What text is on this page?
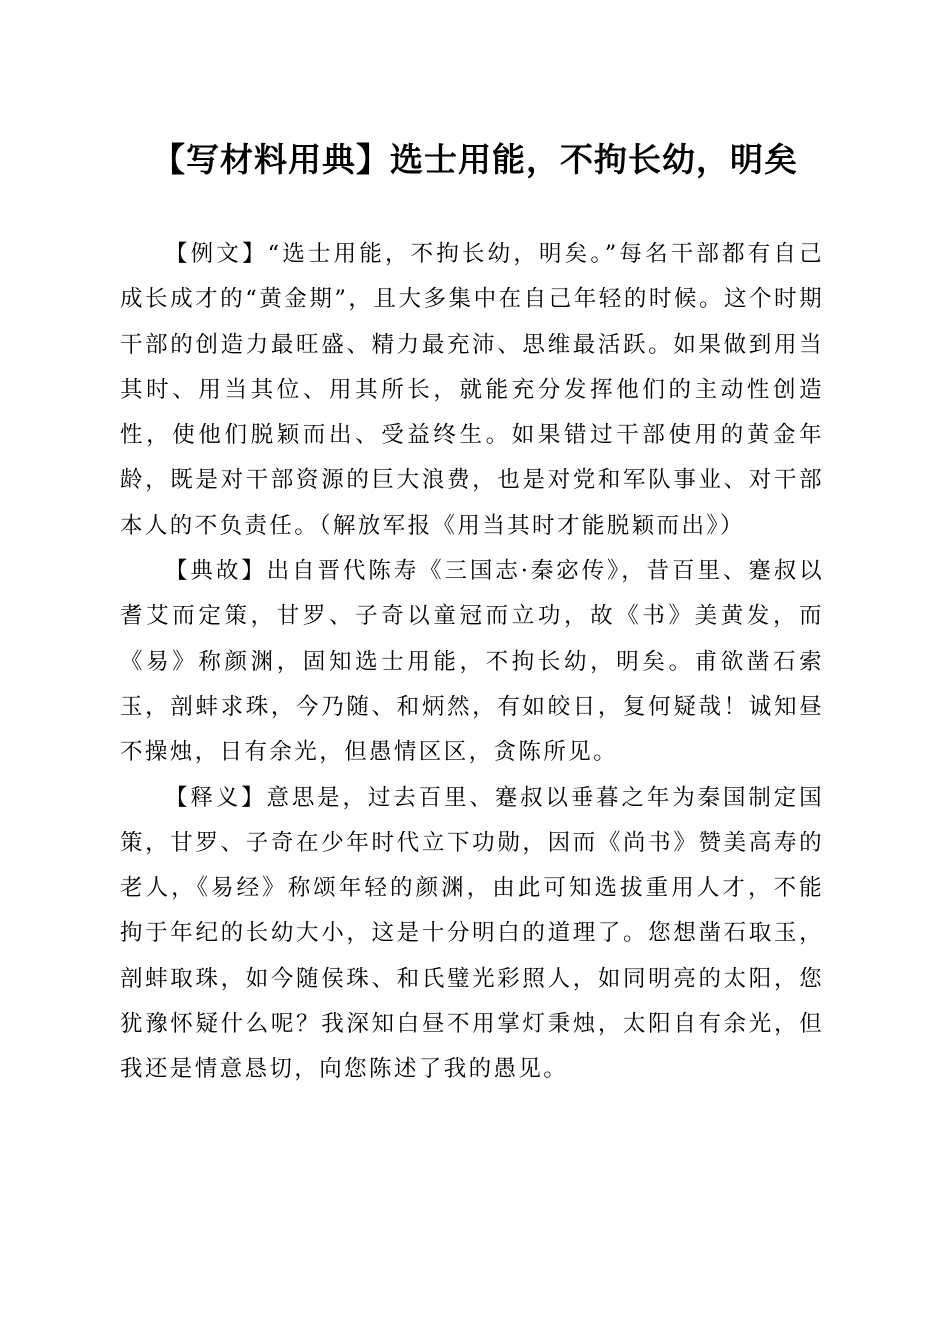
【写材料用典】选士用能，不拘长幼，明矣

【例文】“选士用能，不拘长幼，明矣。”每名干部都有自己成长成才的“黄金期”，且大多集中在自己年轻的时候。这个时期干部的创造力最旺盛、精力最充沛、思维最活跃。如果做到用当其时、用当其位、用其所长，就能充分发挥他们的主动性创造性，使他们脱颖而出、受益终生。如果错过干部使用的黄金年龄，既是对干部资源的巨大浪费，也是对党和军队事业、对干部本人的不负责任。（解放军报《用当其时才能脱颖而出》）

【典故】出自晋代陈寿《三国志·秦宓传》，昔百里、蹇叔以耆艾而定策，甘罗、子奇以童冠而立功，故《书》美黄发，而《易》称颜渊，固知选士用能，不拘长幼，明矣。甫欲凿石索玉，剖蚌求珠，今乃随、和炳然，有如皎日，复何疑哉！诚知昼不操烛，日有余光，但愚情区区，贪陈所见。

【释义】意思是，过去百里、蹇叔以垂暮之年为秦国制定国策，甘罗、子奇在少年时代立下功勋，因而《尚书》赞美高寿的老人，《易经》称颂年轻的颜渊，由此可知选拔重用人才，不能拘于年纪的长幼大小，这是十分明白的道理了。您想凿石取玉，剖蚌取珠，如今随侯珠、和氏璧光彩照人，如同明亮的太阳，您犹豫怀疑什么呢？我深知白昼不用掌灯秉烛，太阳自有余光，但我还是情意恳切，向您陈述了我的愚见。
